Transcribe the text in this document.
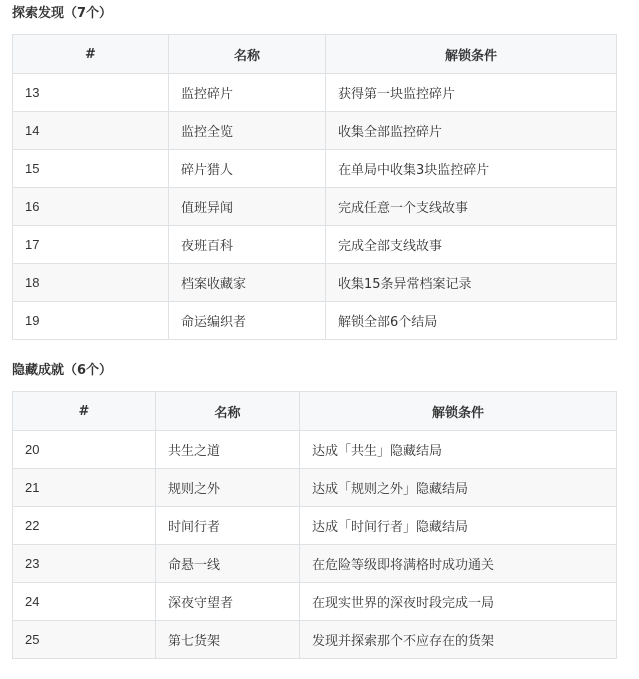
探索发现（7个）
#	名称	解锁条件
13	监控碎片	获得第一块监控碎片
14	监控全览	收集全部监控碎片
15	碎片猎人	在单局中收集3块监控碎片
16	值班异闻	完成任意一个支线故事
17	夜班百科	完成全部支线故事
18	档案收藏家	收集15条异常档案记录
19	命运编织者	解锁全部6个结局
隐藏成就（6个）
#	名称	解锁条件
20	共生之道	达成「共生」隐藏结局
21	规则之外	达成「规则之外」隐藏结局
22	时间行者	达成「时间行者」隐藏结局
23	命悬一线	在危险等级即将满格时成功通关
24	深夜守望者	在现实世界的深夜时段完成一局
25	第七货架	发现并探索那个不应存在的货架
